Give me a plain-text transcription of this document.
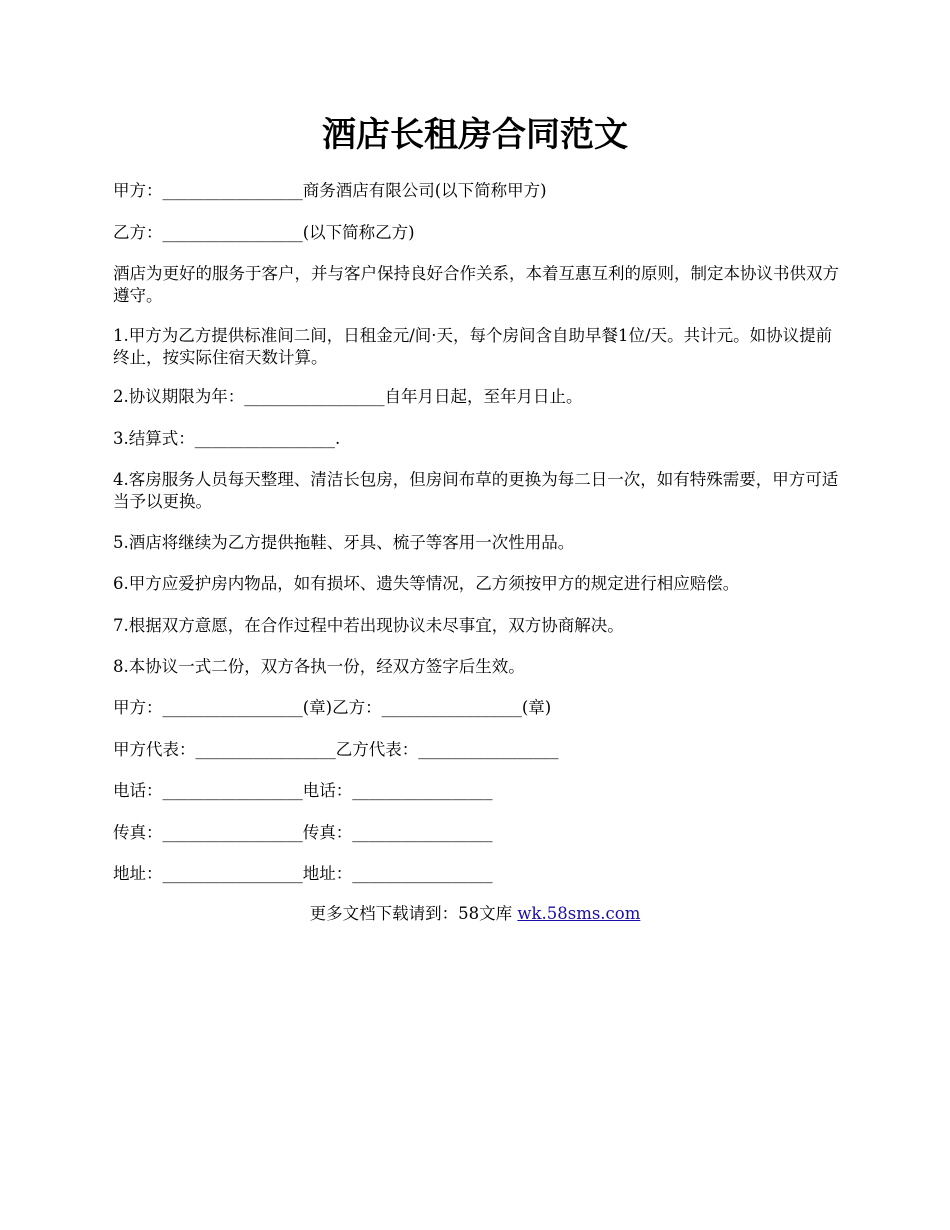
酒店长租房合同范文
甲方：_________________商务酒店有限公司(以下简称甲方)
乙方：_________________(以下简称乙方)
酒店为更好的服务于客户，并与客户保持良好合作关系，本着互惠互利的原则，制定本协议书供双方遵守。
1.甲方为乙方提供标准间二间，日租金元/间·天，每个房间含自助早餐1位/天。共计元。如协议提前终止，按实际住宿天数计算。
2.协议期限为年：_________________自年月日起，至年月日止。
3.结算式：_________________.
4.客房服务人员每天整理、清洁长包房，但房间布草的更换为每二日一次，如有特殊需要，甲方可适当予以更换。
5.酒店将继续为乙方提供拖鞋、牙具、梳子等客用一次性用品。
6.甲方应爱护房内物品，如有损坏、遗失等情况，乙方须按甲方的规定进行相应赔偿。
7.根据双方意愿，在合作过程中若出现协议未尽事宜，双方协商解决。
8.本协议一式二份，双方各执一份，经双方签字后生效。
甲方：_________________(章)乙方：_________________(章)
甲方代表：_________________乙方代表：_________________
电话：_________________电话：_________________
传真：_________________传真：_________________
地址：_________________地址：_________________
更多文档下载请到：58文库 wk.58sms.com
